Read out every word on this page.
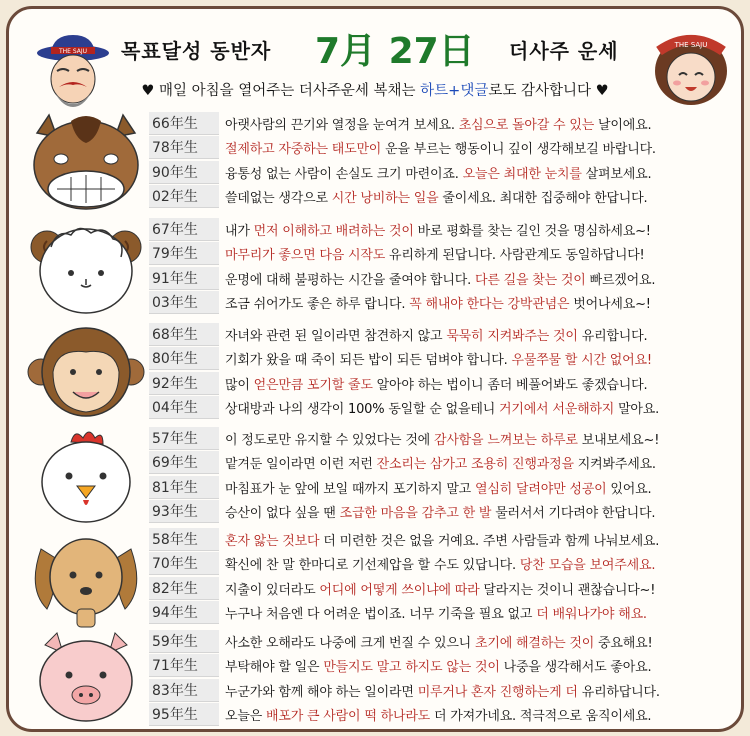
목표달성 동반자 7月 27日 더사주 운세
THE SAJU
THE SAJU
♥ 매일 아침을 열어주는 더사주운세 복채는 하트+댓글로도 감사합니다 ♥
66年生	아랫사람의 끈기와 열정을 눈여겨 보세요. 초심으로 돌아갈 수 있는 날이에요.
78年生	절제하고 자중하는 태도만이 운을 부르는 행동이니 깊이 생각해보길 바랍니다.
90年生	융통성 없는 사람이 손실도 크기 마련이죠. 오늘은 최대한 눈치를 살펴보세요.
02年生	쓸데없는 생각으로 시간 낭비하는 일을 줄이세요. 최대한 집중해야 한답니다.
67年生	내가 먼저 이해하고 배려하는 것이 바로 평화를 찾는 길인 것을 명심하세요~!
79年生	마무리가 좋으면 다음 시작도 유리하게 된답니다. 사람관계도 동일하답니다!
91年生	운명에 대해 불평하는 시간을 줄여야 합니다. 다른 길을 찾는 것이 빠르겠어요.
03年生	조금 쉬어가도 좋은 하루 랍니다. 꼭 해내야 한다는 강박관념은 벗어나세요~!
68年生	자녀와 관련 된 일이라면 참견하지 않고 묵묵히 지켜봐주는 것이 유리합니다.
80年生	기회가 왔을 때 죽이 되든 밥이 되든 덤벼야 합니다. 우물쭈물 할 시간 없어요!
92年生	많이 얻은만큼 포기할 줄도 알아야 하는 법이니 좀더 베풀어봐도 좋겠습니다.
04年生	상대방과 나의 생각이 100% 동일할 순 없을테니 거기에서 서운해하지 말아요.
57年生	이 정도로만 유지할 수 있었다는 것에 감사함을 느껴보는 하루로 보내보세요~!
69年生	맡겨둔 일이라면 이런 저런 잔소리는 삼가고 조용히 진행과정을 지켜봐주세요.
81年生	마침표가 눈 앞에 보일 때까지 포기하지 말고 열심히 달려야만 성공이 있어요.
93年生	승산이 없다 싶을 땐 조급한 마음을 감추고 한 발 물러서서 기다려야 한답니다.
58年生	혼자 앓는 것보다 더 미련한 것은 없을 거예요. 주변 사람들과 함께 나눠보세요.
70年生	확신에 찬 말 한마디로 기선제압을 할 수도 있답니다. 당찬 모습을 보여주세요.
82年生	지출이 있더라도 어디에 어떻게 쓰이냐에 따라 달라지는 것이니 괜찮습니다~!
94年生	누구나 처음엔 다 어려운 법이죠. 너무 기죽을 필요 없고 더 배워나가야 해요.
59年生	사소한 오해라도 나중에 크게 번질 수 있으니 초기에 해결하는 것이 중요해요!
71年生	부탁해야 할 일은 만들지도 말고 하지도 않는 것이 나중을 생각해서도 좋아요.
83年生	누군가와 함께 해야 하는 일이라면 미루거나 혼자 진행하는게 더 유리하답니다.
95年生	오늘은 배포가 큰 사람이 떡 하나라도 더 가져가네요. 적극적으로 움직이세요.
